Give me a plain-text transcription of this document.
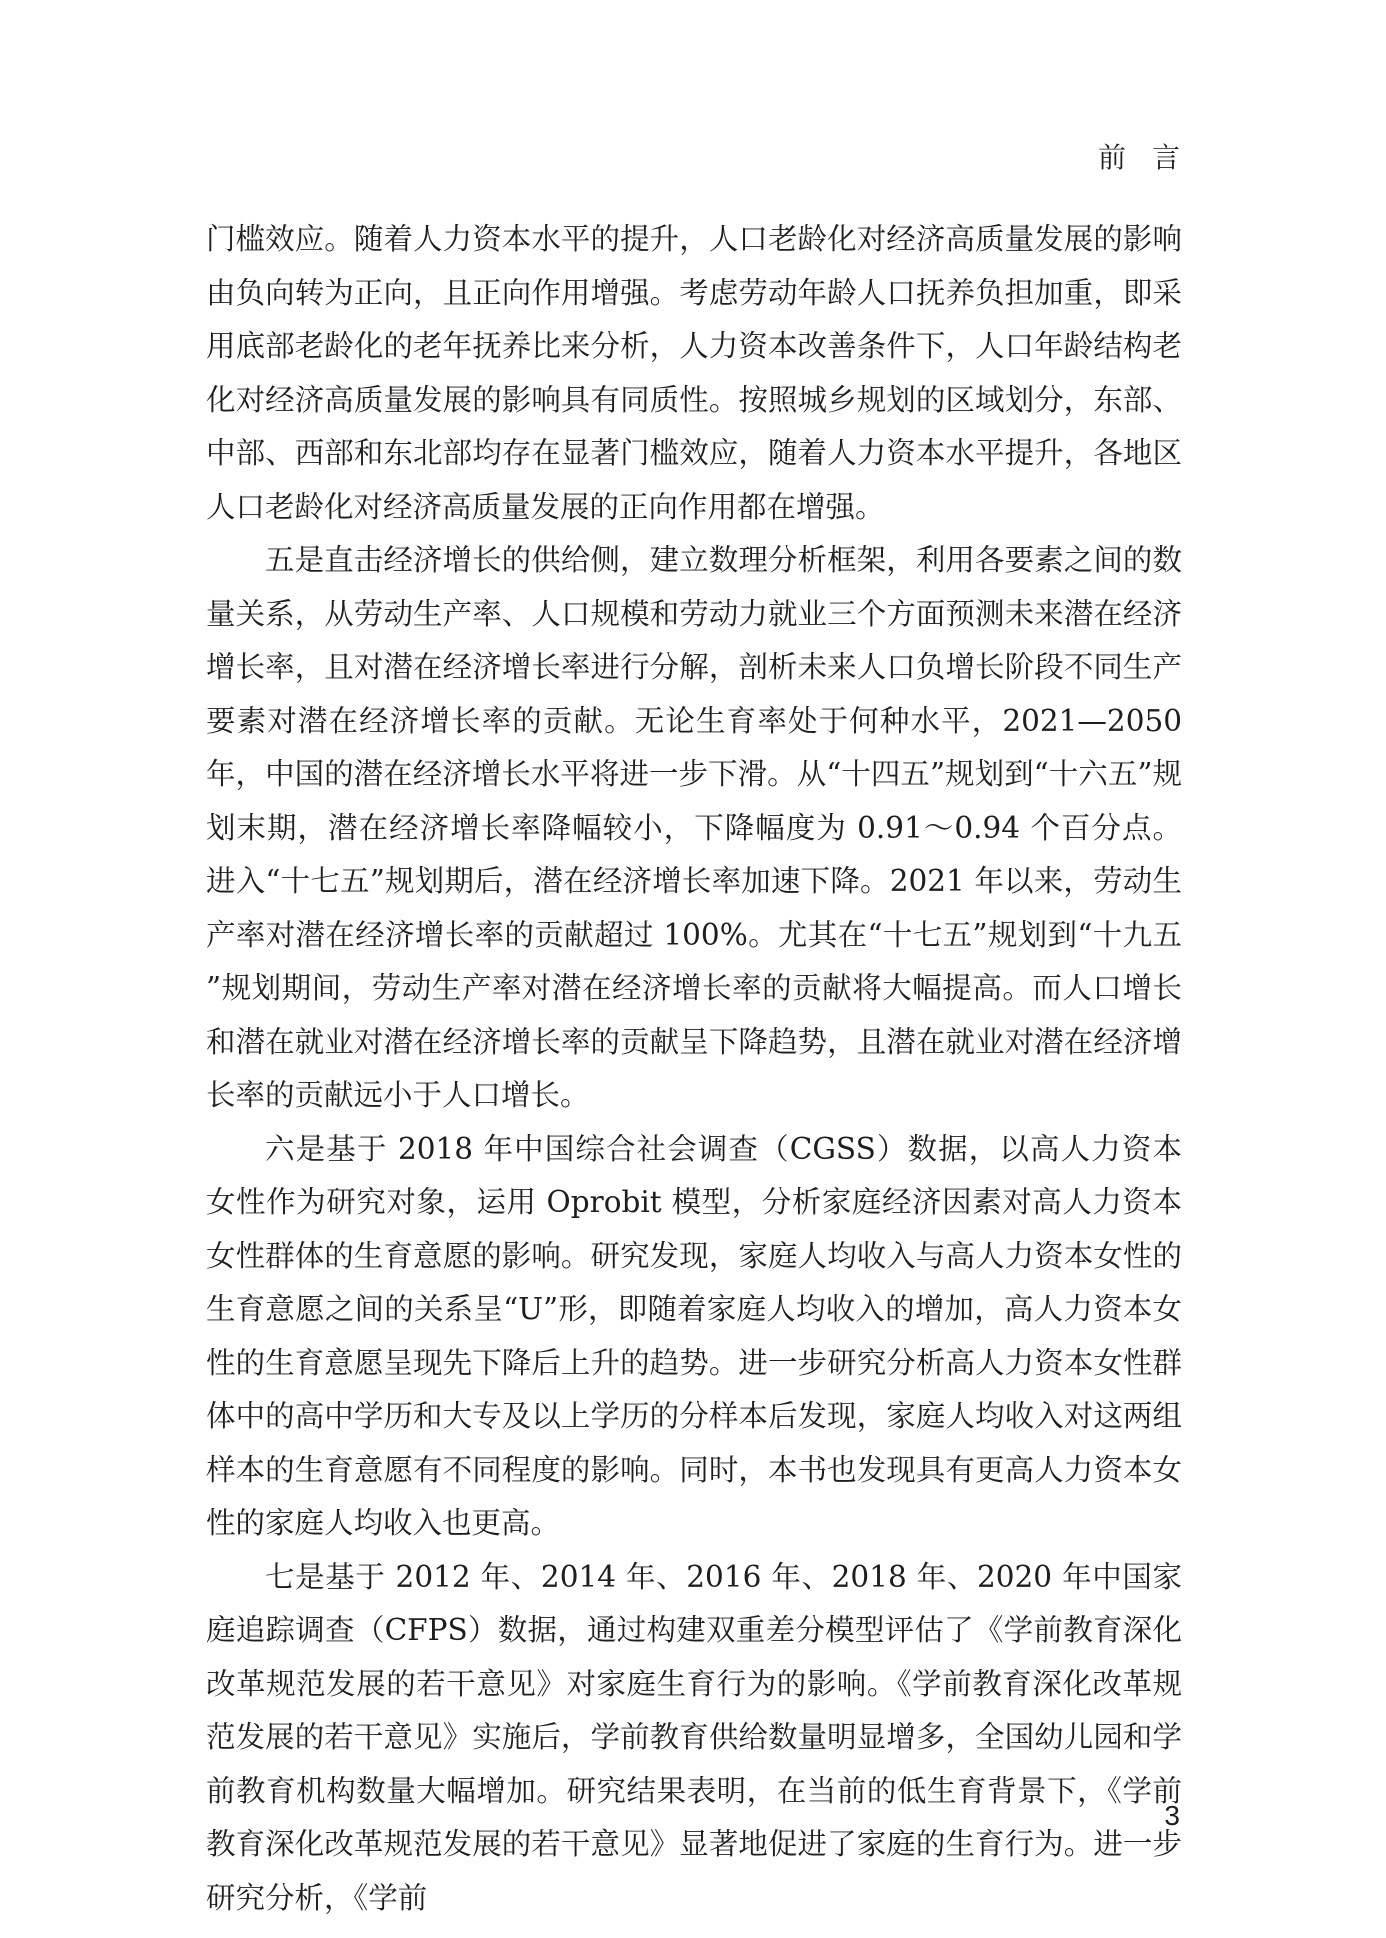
前言

门槛效应。随着人力资本水平的提升，人口老龄化对经济高质量发展的影响由负向转为正向，且正向作用增强。考虑劳动年龄人口抚养负担加重，即采用底部老龄化的老年抚养比来分析，人力资本改善条件下，人口年龄结构老化对经济高质量发展的影响具有同质性。按照城乡规划的区域划分，东部、中部、西部和东北部均存在显著门槛效应，随着人力资本水平提升，各地区人口老龄化对经济高质量发展的正向作用都在增强。

五是直击经济增长的供给侧，建立数理分析框架，利用各要素之间的数量关系，从劳动生产率、人口规模和劳动力就业三个方面预测未来潜在经济增长率，且对潜在经济增长率进行分解，剖析未来人口负增长阶段不同生产要素对潜在经济增长率的贡献。无论生育率处于何种水平，2021—2050 年，中国的潜在经济增长水平将进一步下滑。从“十四五”规划到“十六五”规划末期，潜在经济增长率降幅较小，下降幅度为 0.91～0.94 个百分点。进入“十七五”规划期后，潜在经济增长率加速下降。2021 年以来，劳动生产率对潜在经济增长率的贡献超过 100%。尤其在“十七五”规划到“十九五”规划期间，劳动生产率对潜在经济增长率的贡献将大幅提高。而人口增长和潜在就业对潜在经济增长率的贡献呈下降趋势，且潜在就业对潜在经济增长率的贡献远小于人口增长。

六是基于 2018 年中国综合社会调查（CGSS）数据，以高人力资本女性作为研究对象，运用 Oprobit 模型，分析家庭经济因素对高人力资本女性群体的生育意愿的影响。研究发现，家庭人均收入与高人力资本女性的生育意愿之间的关系呈“U”形，即随着家庭人均收入的增加，高人力资本女性的生育意愿呈现先下降后上升的趋势。进一步研究分析高人力资本女性群体中的高中学历和大专及以上学历的分样本后发现，家庭人均收入对这两组样本的生育意愿有不同程度的影响。同时，本书也发现具有更高人力资本女性的家庭人均收入也更高。

七是基于 2012 年、2014 年、2016 年、2018 年、2020 年中国家庭追踪调查（CFPS）数据，通过构建双重差分模型评估了《学前教育深化改革规范发展的若干意见》对家庭生育行为的影响。《学前教育深化改革规范发展的若干意见》实施后，学前教育供给数量明显增多，全国幼儿园和学前教育机构数量大幅增加。研究结果表明，在当前的低生育背景下，《学前教育深化改革规范发展的若干意见》显著地促进了家庭的生育行为。进一步研究分析，《学前

3
